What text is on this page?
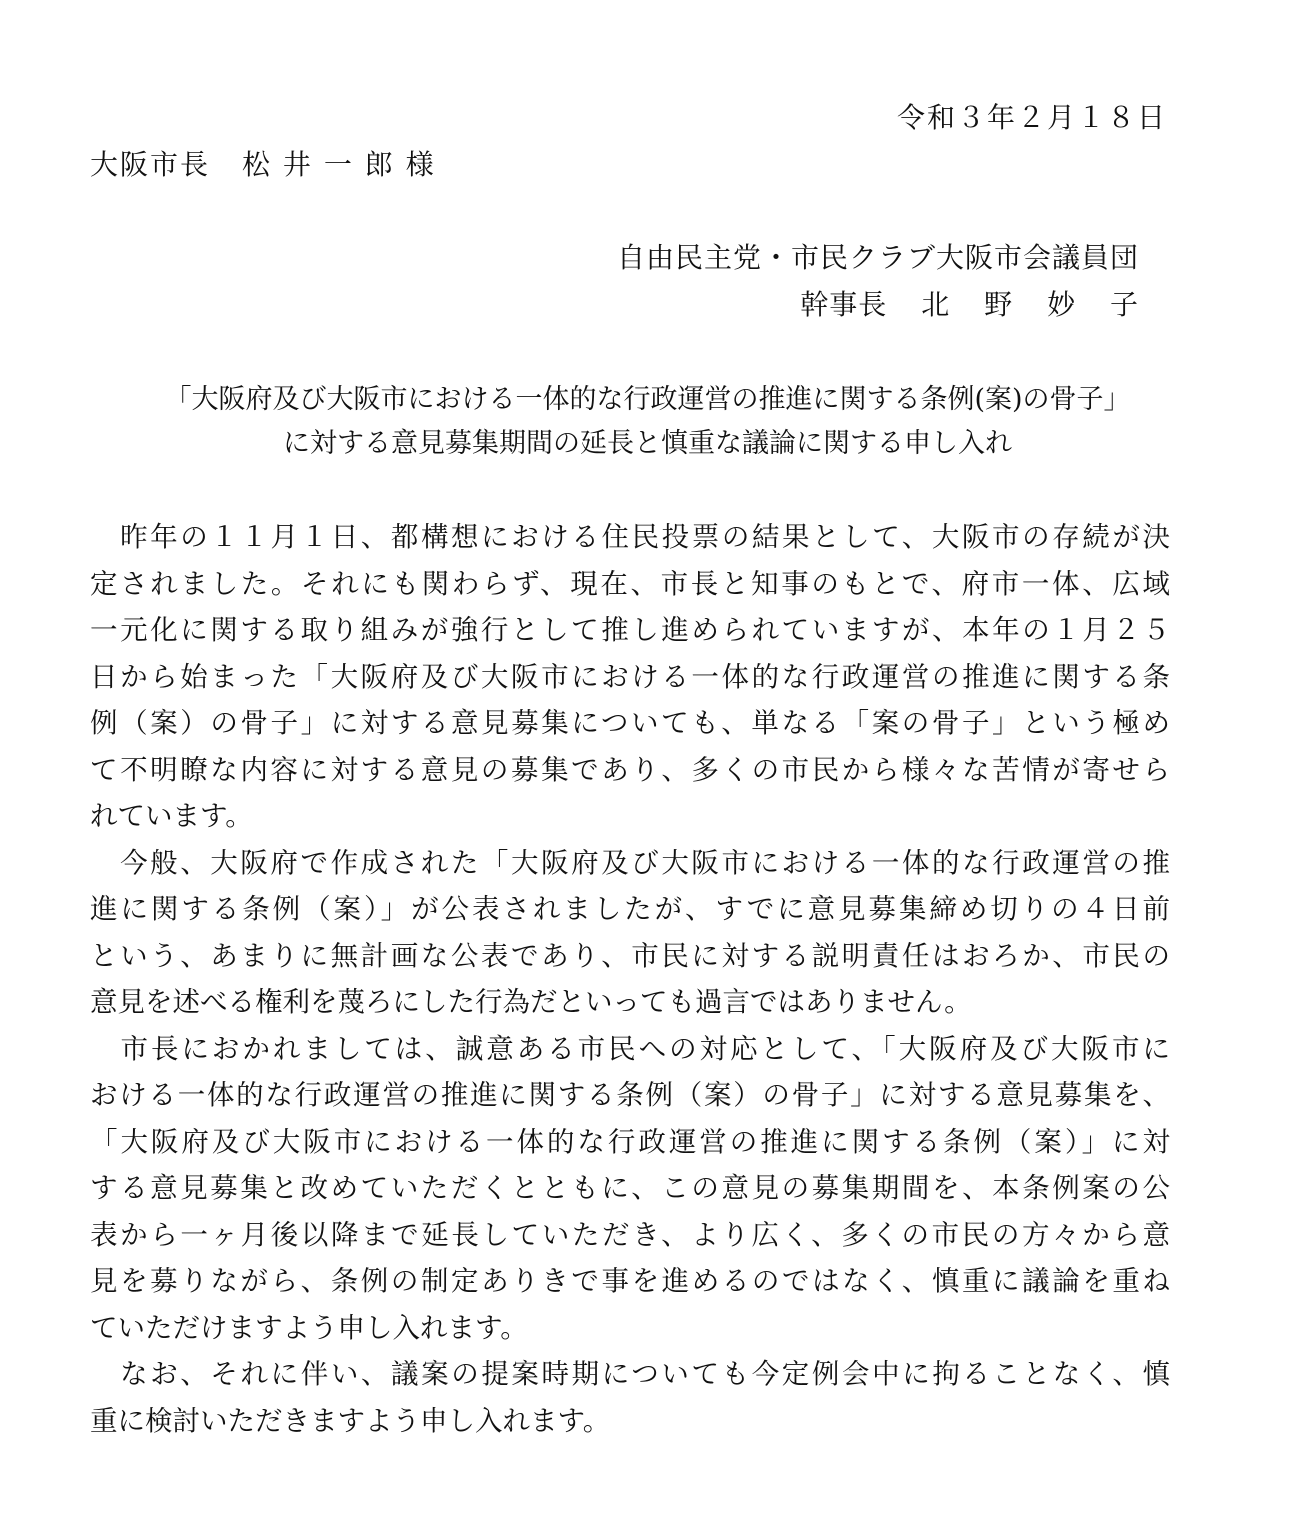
令和３年２月１８日
大阪市長 松 井 一 郎 様
自由民主党・市民クラブ大阪市会議員団
幹事長 北 野 妙 子
「大阪府及び大阪市における一体的な行政運営の推進に関する条例(案)の骨子」
に対する意見募集期間の延長と慎重な議論に関する申し入れ
　昨年の１１月１日、都構想における住民投票の結果として、大阪市の存続が決
定されました。それにも関わらず、現在、市長と知事のもとで、府市一体、広域
一元化に関する取り組みが強行として推し進められていますが、本年の１月２５
日から始まった「大阪府及び大阪市における一体的な行政運営の推進に関する条
例（案）の骨子」に対する意見募集についても、単なる「案の骨子」という極め
て不明瞭な内容に対する意見の募集であり、多くの市民から様々な苦情が寄せら
れています。
　今般、大阪府で作成された「大阪府及び大阪市における一体的な行政運営の推
進に関する条例（案）」が公表されましたが、すでに意見募集締め切りの４日前
という、あまりに無計画な公表であり、市民に対する説明責任はおろか、市民の
意見を述べる権利を蔑ろにした行為だといっても過言ではありません。
　市長におかれましては、誠意ある市民への対応として、「大阪府及び大阪市に
おける一体的な行政運営の推進に関する条例（案）の骨子」に対する意見募集を、
「大阪府及び大阪市における一体的な行政運営の推進に関する条例（案）」に対
する意見募集と改めていただくとともに、この意見の募集期間を、本条例案の公
表から一ヶ月後以降まで延長していただき、より広く、多くの市民の方々から意
見を募りながら、条例の制定ありきで事を進めるのではなく、慎重に議論を重ね
ていただけますよう申し入れます。
　なお、それに伴い、議案の提案時期についても今定例会中に拘ることなく、慎
重に検討いただきますよう申し入れます。
